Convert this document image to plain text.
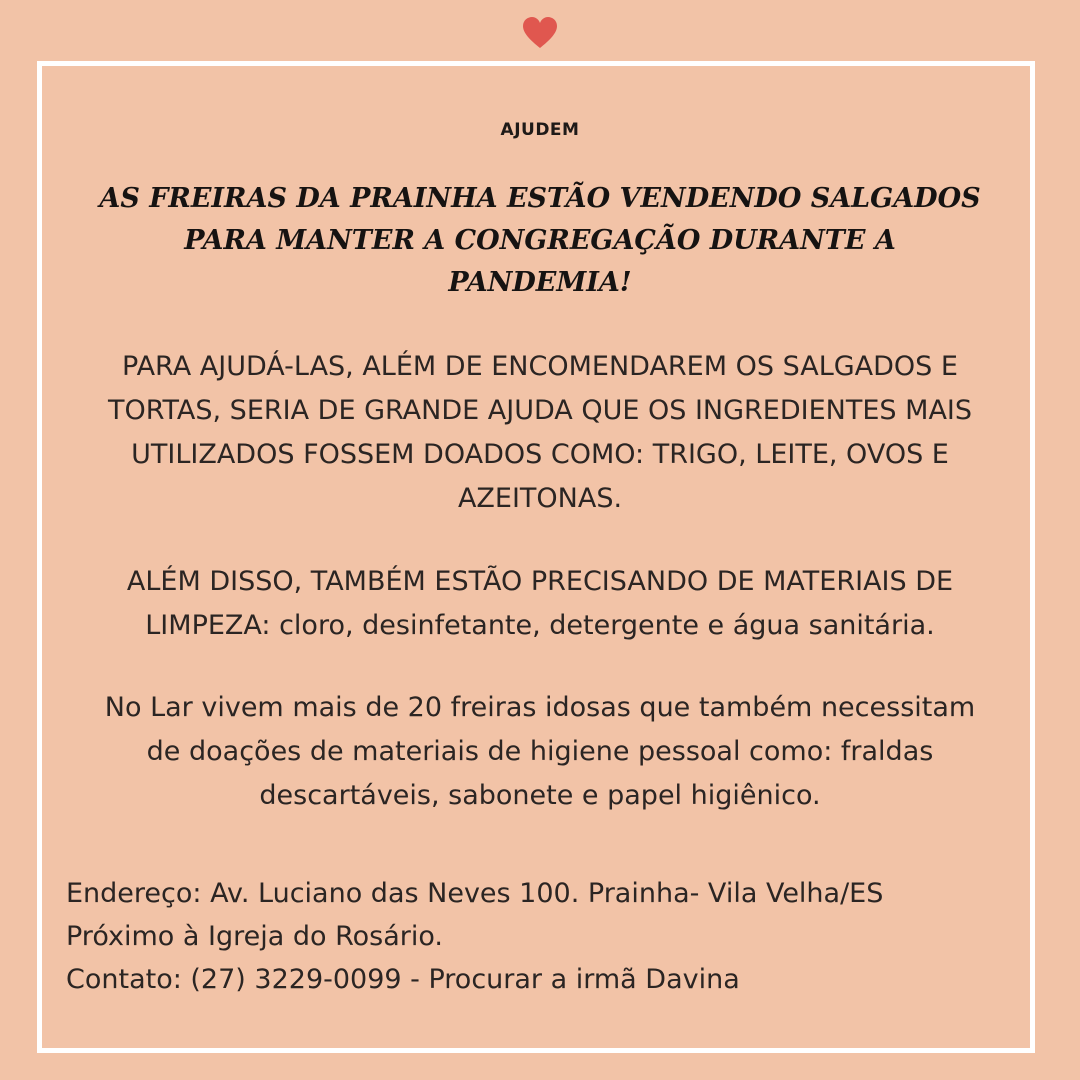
AJUDEM
AS FREIRAS DA PRAINHA ESTÃO VENDENDO SALGADOS
PARA MANTER A CONGREGAÇÃO DURANTE A
PANDEMIA!

PARA AJUDÁ-LAS, ALÉM DE ENCOMENDAREM OS SALGADOS E
TORTAS, SERIA DE GRANDE AJUDA QUE OS INGREDIENTES MAIS
UTILIZADOS FOSSEM DOADOS COMO: TRIGO, LEITE, OVOS E
AZEITONAS.

ALÉM DISSO, TAMBÉM ESTÃO PRECISANDO DE MATERIAIS DE
LIMPEZA: cloro, desinfetante, detergente e água sanitária.

No Lar vivem mais de 20 freiras idosas que também necessitam
de doações de materiais de higiene pessoal como: fraldas
descartáveis, sabonete e papel higiênico.

Endereço: Av. Luciano das Neves 100. Prainha- Vila Velha/ES
Próximo à Igreja do Rosário.
Contato: (27) 3229-0099 - Procurar a irmã Davina
